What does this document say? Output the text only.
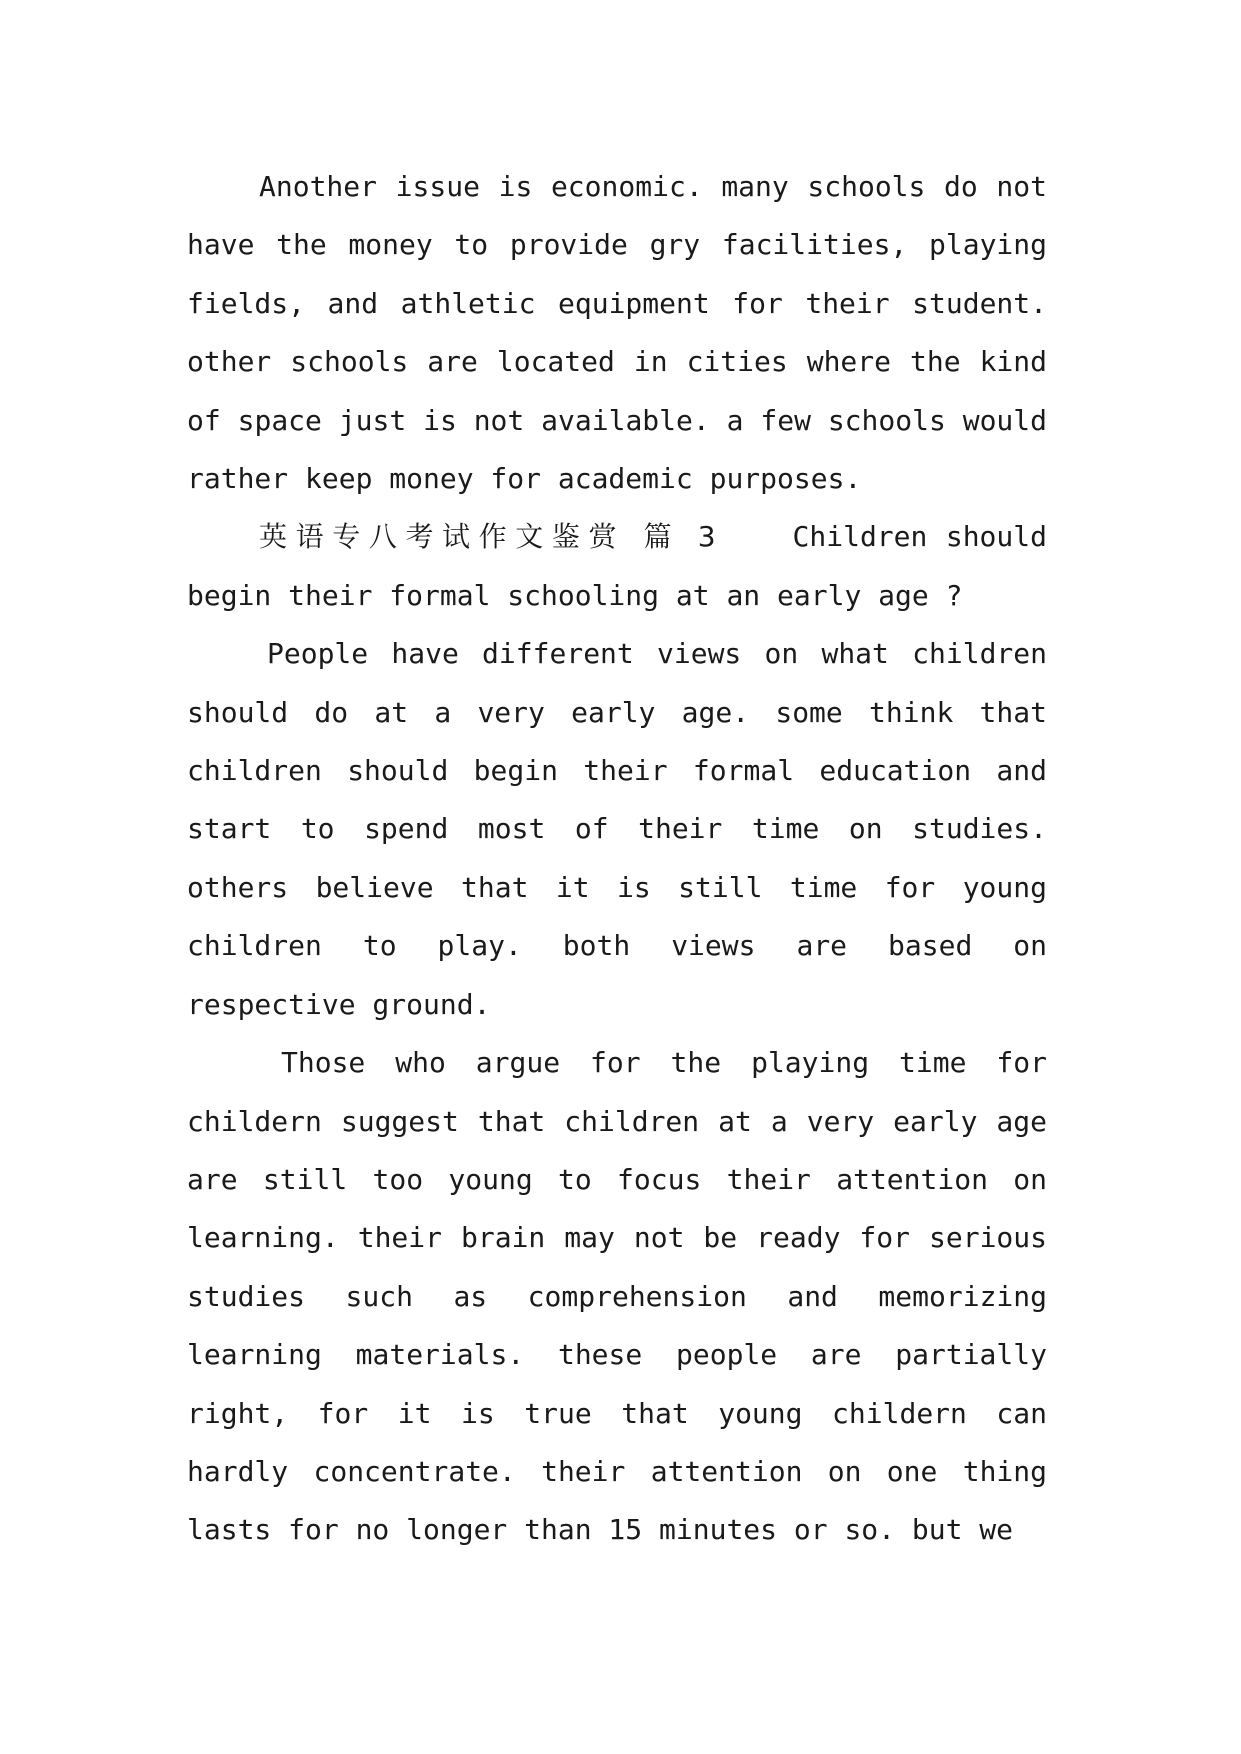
Another issue is economic. many schools do not have the money to provide gry facilities, playing fields, and athletic equipment for their student. other schools are located in cities where the kind of space just is not available. a few schools would rather keep money for academic purposes.

英语专八考试作文鉴赏 篇 3	Children should begin their formal schooling at an early age ?

People have different views on what children should do at a very early age. some think that children should begin their formal education and start to spend most of their time on studies. others believe that it is still time for young children to play. both views are based on respective ground.

Those who argue for the playing time for childern suggest that children at a very early age are still too young to focus their attention on learning. their brain may not be ready for serious studies such as comprehension and memorizing learning materials. these people are partially right, for it is true that young childern can hardly concentrate. their attention on one thing lasts for no longer than 15 minutes or so. but we
